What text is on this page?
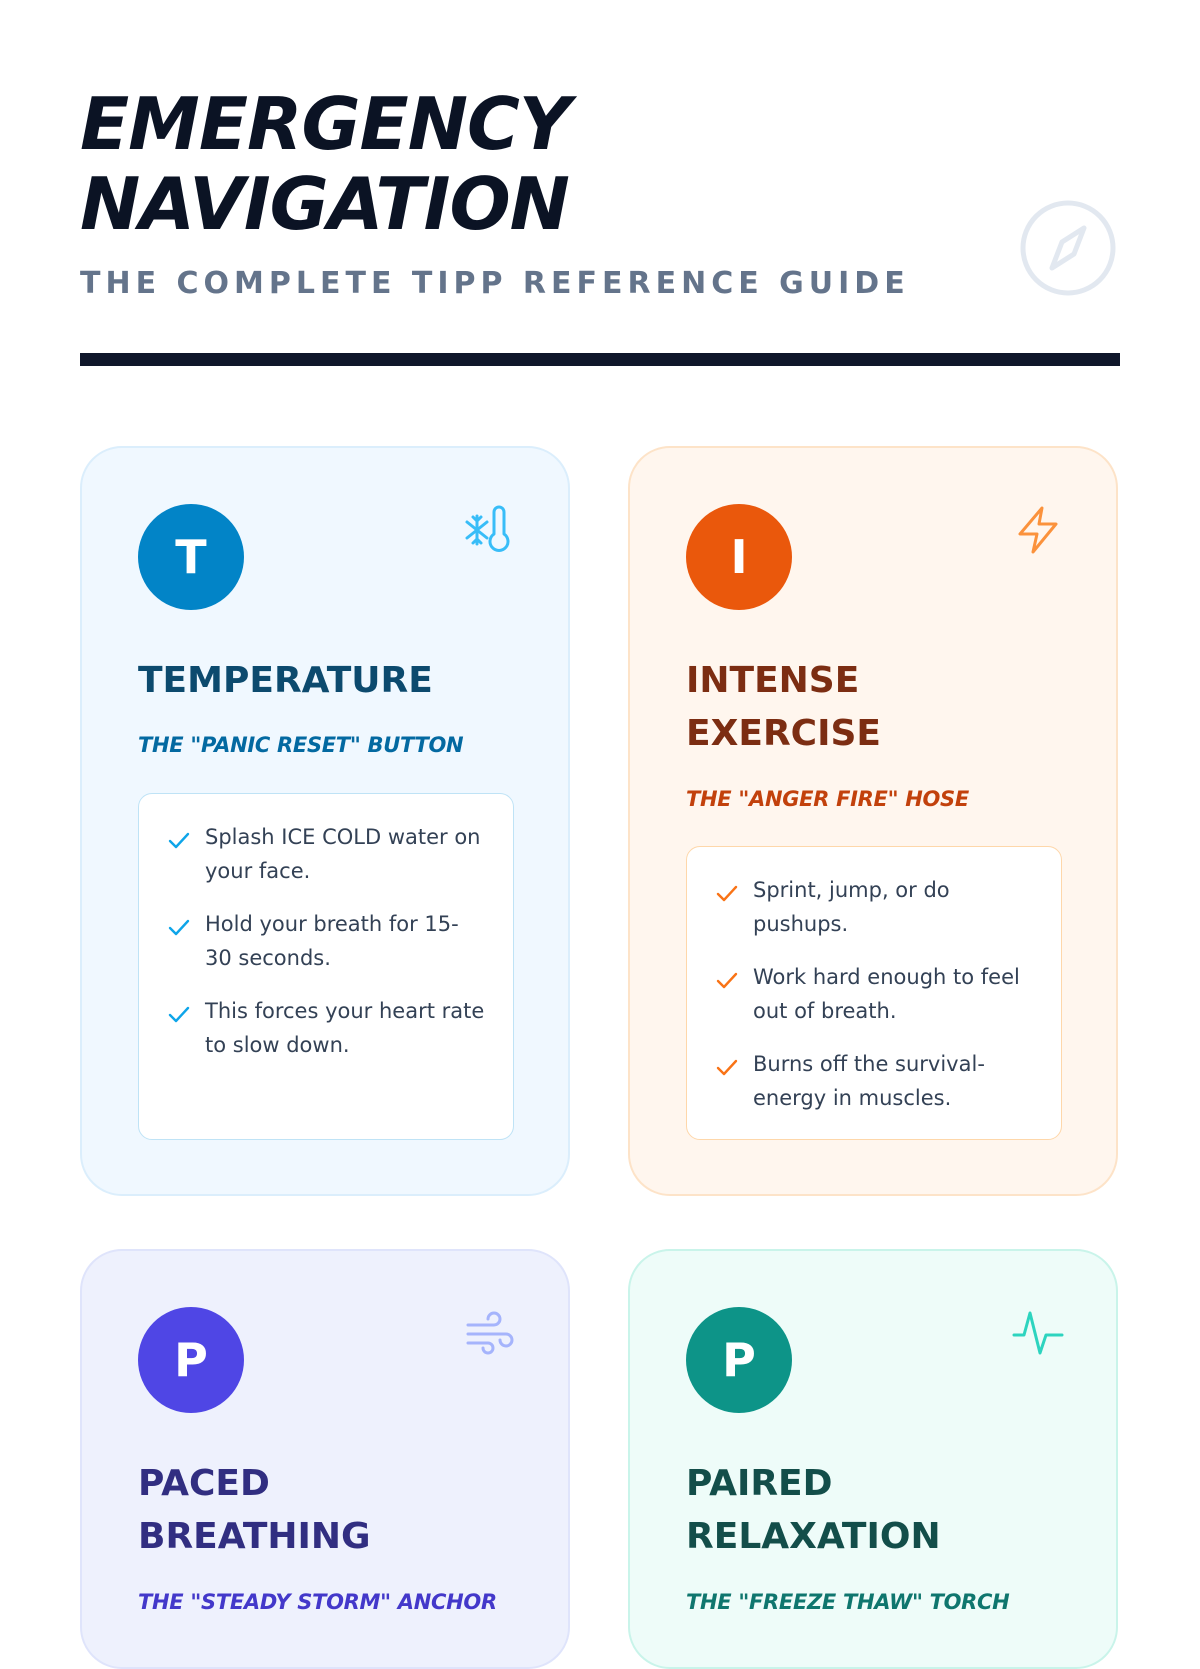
EMERGENCY
NAVIGATION
THE COMPLETE TIPP REFERENCE GUIDE
T
TEMPERATURE

THE "PANIC RESET" BUTTON

Splash ICE COLD water on your face.
Hold your breath for 15-30 seconds.
This forces your heart rate to slow down.
I
INTENSE
EXERCISE

THE "ANGER FIRE" HOSE

Sprint, jump, or do pushups.
Work hard enough to feel out of breath.
Burns off the survival-energy in muscles.
P
PACED
BREATHING

THE "STEADY STORM" ANCHOR

P
PAIRED
RELAXATION

THE "FREEZE THAW" TORCH
